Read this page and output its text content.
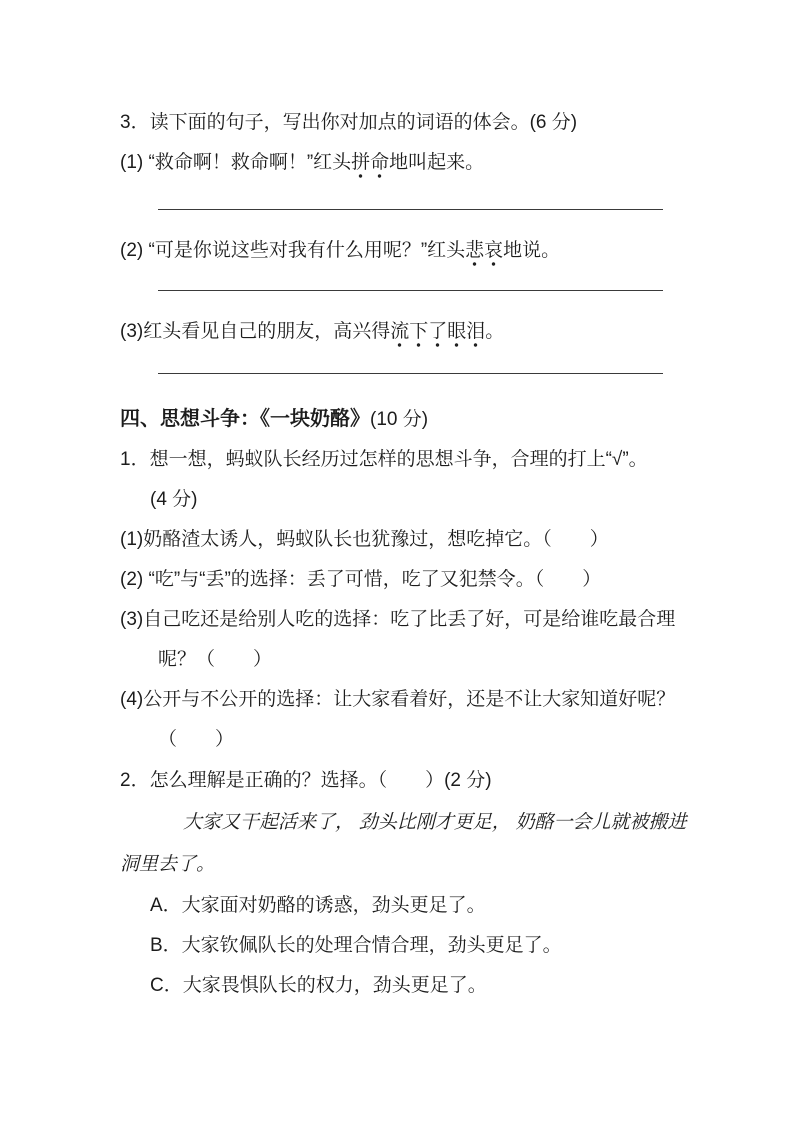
3．读下面的句子，写出你对加点的词语的体会。(6 分)
(1) “救命啊！救命啊！”红头拼命地叫起来。
(2) “可是你说这些对我有什么用呢？”红头悲哀地说。
(3)红头看见自己的朋友，高兴得流下了眼泪。
四、思想斗争：《一块奶酪》(10 分)
1．想一想，蚂蚁队长经历过怎样的思想斗争，合理的打上“√”。
(4 分)
(1)奶酪渣太诱人，蚂蚁队长也犹豫过，想吃掉它。（　　）
(2) “吃”与“丢”的选择：丢了可惜，吃了又犯禁令。（　　）
(3)自己吃还是给别人吃的选择：吃了比丢了好，可是给谁吃最合理
呢？（　　）
(4)公开与不公开的选择：让大家看着好，还是不让大家知道好呢？
（　　）
2．怎么理解是正确的？选择。（　　）(2 分)
大家又干起活来了， 劲头比刚才更足， 奶酪一会儿就被搬进
洞里去了。
A．大家面对奶酪的诱惑，劲头更足了。
B．大家钦佩队长的处理合情合理，劲头更足了。
C．大家畏惧队长的权力，劲头更足了。
